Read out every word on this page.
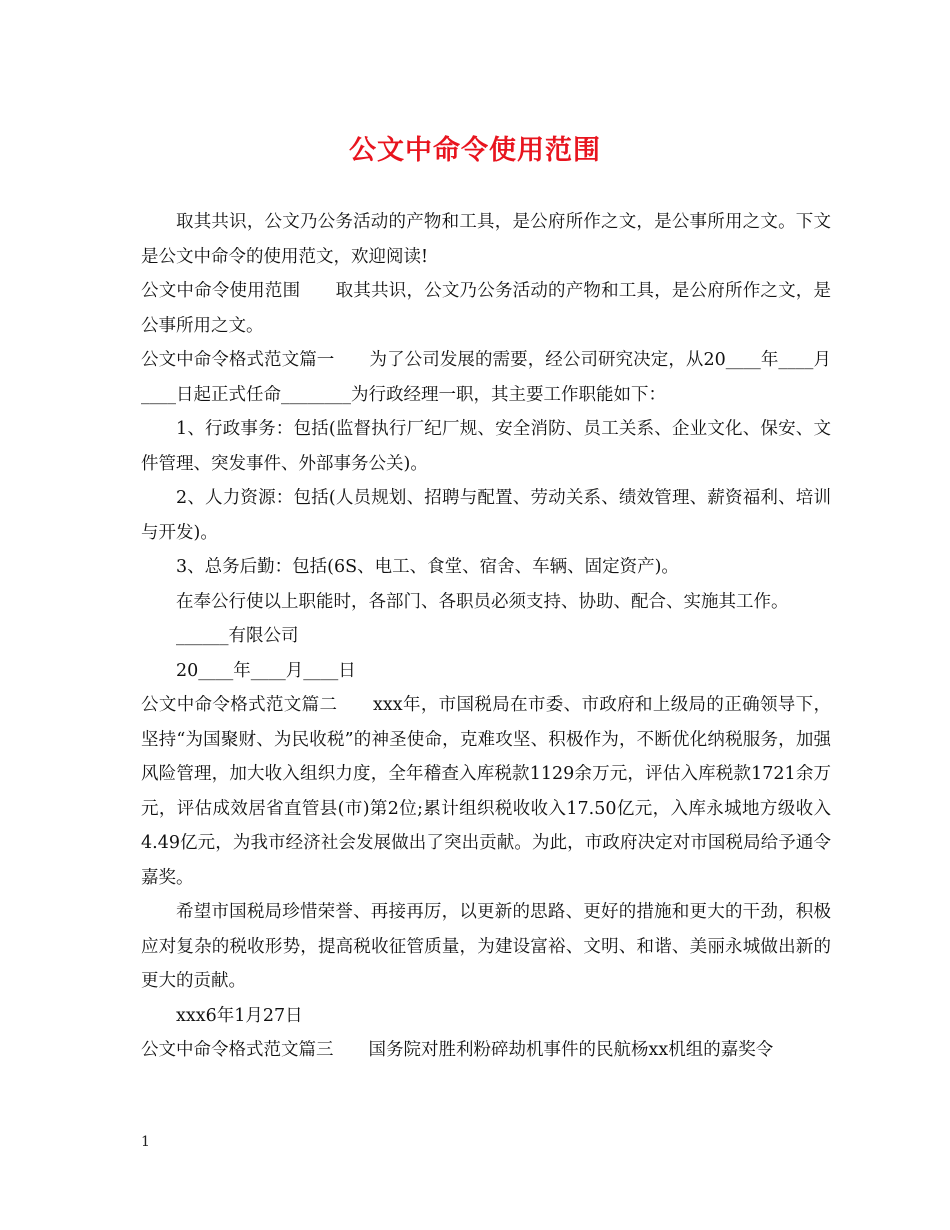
公文中命令使用范围

取其共识，公文乃公务活动的产物和工具，是公府所作之文，是公事所用之文。下文是公文中命令的使用范文，欢迎阅读!

公文中命令使用范围　　取其共识，公文乃公务活动的产物和工具，是公府所作之文，是公事所用之文。

公文中命令格式范文篇一　　为了公司发展的需要，经公司研究决定，从20____年____月____日起正式任命________为行政经理一职，其主要工作职能如下：

1、行政事务：包括(监督执行厂纪厂规、安全消防、员工关系、企业文化、保安、文件管理、突发事件、外部事务公关)。

2、人力资源：包括(人员规划、招聘与配置、劳动关系、绩效管理、薪资福利、培训与开发)。

3、总务后勤：包括(6S、电工、食堂、宿舍、车辆、固定资产)。

在奉公行使以上职能时，各部门、各职员必须支持、协助、配合、实施其工作。

______有限公司

20____年____月____日

公文中命令格式范文篇二　　xxx年，市国税局在市委、市政府和上级局的正确领导下，坚持“为国聚财、为民收税”的神圣使命，克难攻坚、积极作为，不断优化纳税服务，加强风险管理，加大收入组织力度，全年稽查入库税款1129余万元，评估入库税款1721余万元，评估成效居省直管县(市)第2位;累计组织税收收入17.50亿元，入库永城地方级收入4.49亿元，为我市经济社会发展做出了突出贡献。为此，市政府决定对市国税局给予通令嘉奖。

希望市国税局珍惜荣誉、再接再厉，以更新的思路、更好的措施和更大的干劲，积极应对复杂的税收形势，提高税收征管质量，为建设富裕、文明、和谐、美丽永城做出新的更大的贡献。

xxx6年1月27日

公文中命令格式范文篇三　　国务院对胜利粉碎劫机事件的民航杨xx机组的嘉奖令

1
